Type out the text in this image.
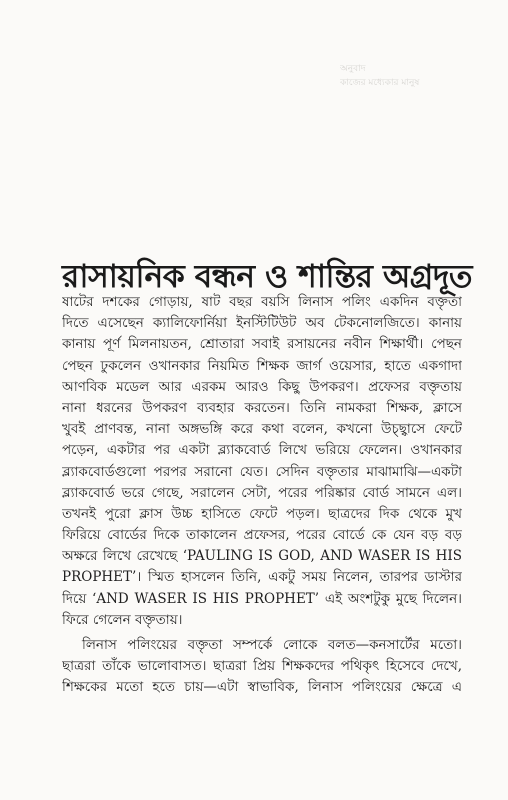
অনুবাদ
কাজের মধ্যেকার মানুষ
রাসায়নিক বন্ধন ও শান্তির অগ্রদূত
ষাটের দশকের গোড়ায়, ষাট বছর বয়সি লিনাস পলিং একদিন বক্তৃতা
দিতে এসেছেন ক্যালিফোর্নিয়া ইনস্টিটিউট অব টেকনোলজিতে। কানায়
কানায় পূর্ণ মিলনায়তন, শ্রোতারা সবাই রসায়নের নবীন শিক্ষার্থী। পেছন
পেছন ঢুকলেন ওখানকার নিয়মিত শিক্ষক জার্গ ওয়েসার, হাতে একগাদা
আণবিক মডেল আর এরকম আরও কিছু উপকরণ। প্রফেসর বক্তৃতায়
নানা ধরনের উপকরণ ব্যবহার করতেন। তিনি নামকরা শিক্ষক, ক্লাসে
খুবই প্রাণবন্ত, নানা অঙ্গভঙ্গি করে কথা বলেন, কখনো উচ্ছ্বাসে ফেটে
পড়েন, একটার পর একটা ব্ল্যাকবোর্ড লিখে ভরিয়ে ফেলেন। ওখানকার
ব্ল্যাকবোর্ডগুলো পরপর সরানো যেত। সেদিন বক্তৃতার মাঝামাঝি—একটা
ব্ল্যাকবোর্ড ভরে গেছে, সরালেন সেটা, পরের পরিষ্কার বোর্ড সামনে এল।
তখনই পুরো ক্লাস উচ্চ হাসিতে ফেটে পড়ল। ছাত্রদের দিক থেকে মুখ
ফিরিয়ে বোর্ডের দিকে তাকালেন প্রফেসর, পরের বোর্ডে কে যেন বড় বড়
অক্ষরে লিখে রেখেছে ‘PAULING IS GOD, AND WASER IS HIS
PROPHET’। স্মিত হাসলেন তিনি, একটু সময় নিলেন, তারপর ডাস্টার
দিয়ে ‘AND WASER IS HIS PROPHET’ এই অংশটুকু মুছে দিলেন।
ফিরে গেলেন বক্তৃতায়।
লিনাস পলিংয়ের বক্তৃতা সম্পর্কে লোকে বলত—কনসার্টের মতো।
ছাত্ররা তাঁকে ভালোবাসত। ছাত্ররা প্রিয় শিক্ষকদের পথিকৃৎ হিসেবে দেখে,
শিক্ষকের মতো হতে চায়—এটা স্বাভাবিক, লিনাস পলিংয়ের ক্ষেত্রে এ
